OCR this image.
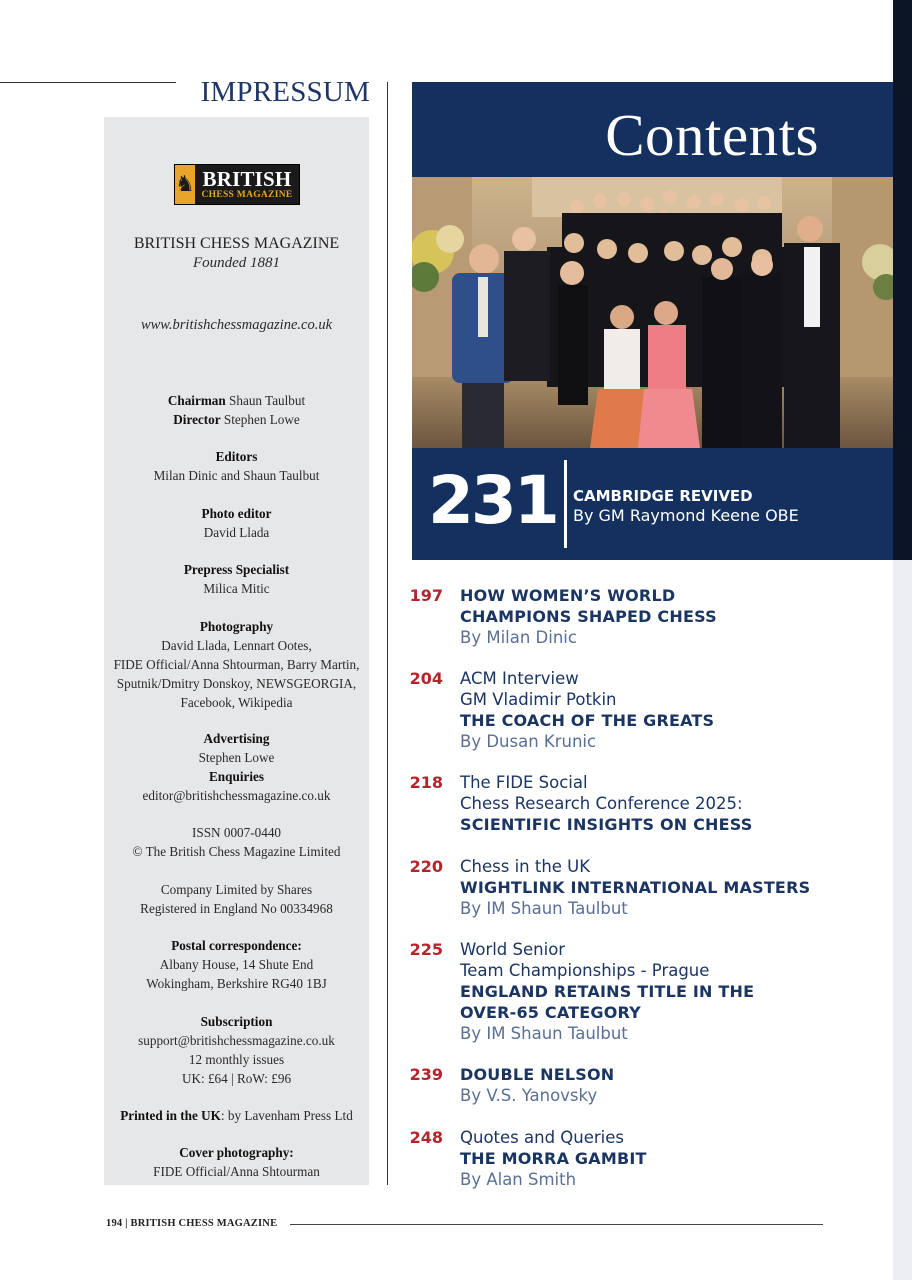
IMPRESSUM
♞ BRITISH
CHESS MAGAZINE
BRITISH CHESS MAGAZINE
Founded 1881
www.britishchessmagazine.co.uk
Chairman Shaun Taulbut
Director Stephen Lowe
Editors
Milan Dinic and Shaun Taulbut
Photo editor
David Llada
Prepress Specialist
Milica Mitic
Photography
David Llada, Lennart Ootes,
FIDE Official/Anna Shtourman, Barry Martin,
Sputnik/Dmitry Donskoy, NEWSGEORGIA,
Facebook, Wikipedia
Advertising
Stephen Lowe
Enquiries
editor@britishchessmagazine.co.uk
ISSN 0007-0440
© The British Chess Magazine Limited
Company Limited by Shares
Registered in England No 00334968
Postal correspondence:
Albany House, 14 Shute End
Wokingham, Berkshire RG40 1BJ
Subscription
support@britishchessmagazine.co.uk
12 monthly issues
UK: £64 | RoW: £96
Printed in the UK: by Lavenham Press Ltd
Cover photography:
FIDE Official/Anna Shtourman
Contents
231 CAMBRIDGE REVIVED
By GM Raymond Keene OBE
197 HOW WOMEN’S WORLD
CHAMPIONS SHAPED CHESS
By Milan Dinic
204 ACM Interview
GM Vladimir Potkin
THE COACH OF THE GREATS
By Dusan Krunic
218 The FIDE Social
Chess Research Conference 2025:
SCIENTIFIC INSIGHTS ON CHESS
220 Chess in the UK
WIGHTLINK INTERNATIONAL MASTERS
By IM Shaun Taulbut
225 World Senior
Team Championships - Prague
ENGLAND RETAINS TITLE IN THE
OVER-65 CATEGORY
By IM Shaun Taulbut
239 DOUBLE NELSON
By V.S. Yanovsky
248 Quotes and Queries
THE MORRA GAMBIT
By Alan Smith
194 | BRITISH CHESS MAGAZINE
